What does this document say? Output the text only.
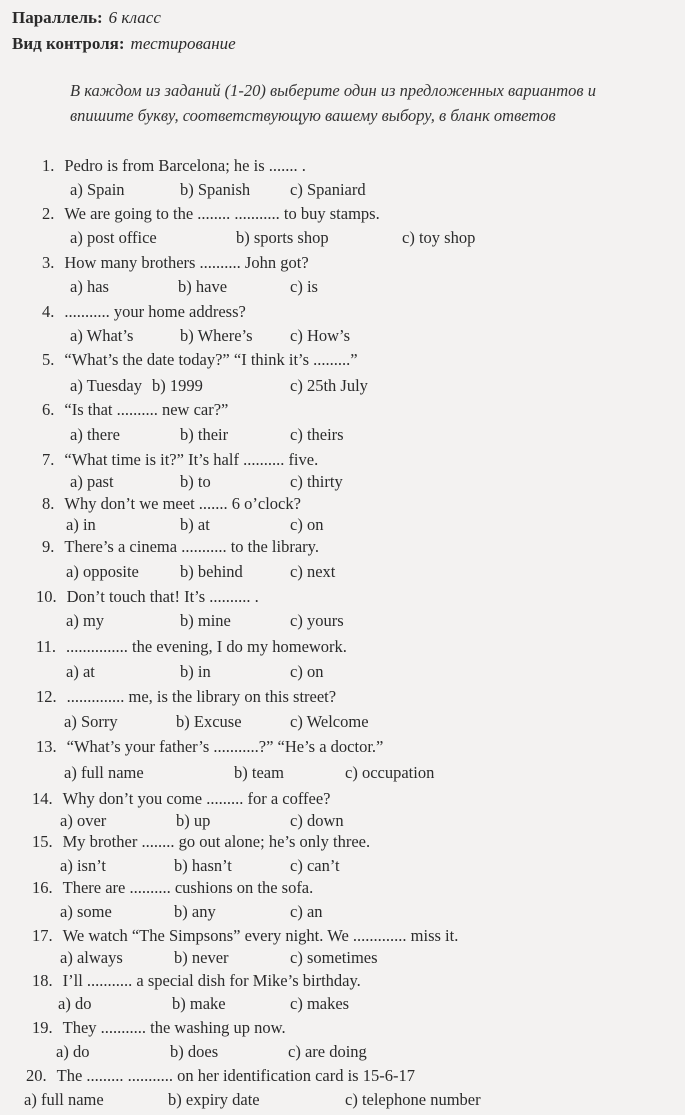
Параллель: 6 класс
Вид контроля: тестирование
В каждом из заданий (1-20) выберите один из предложенных вариантов и
впишите букву, соответствующую вашему выбору, в бланк ответов
1. Pedro is from Barcelona; he is ....... .
a) Spain	b) Spanish c) Spaniard
2. We are going to the ........ ........... to buy stamps.
a) post office	b) sports shop	c) toy shop
3. How many brothers .......... John got?
a) has	b) have	c) is
4. ........... your home address?
a) What’s	b) Where’s c) How’s
5. “What’s the date today?” “I think it’s .........”
a) Tuesday b) 1999	c) 25th July
6. “Is that .......... new car?”
a) there	b) their	c) theirs
7. “What time is it?” It’s half .......... five.
a) past	b) to	c) thirty
8. Why don’t we meet ....... 6 o’clock?
a) in	b) at	c) on
9. There’s a cinema ........... to the library.
a) opposite b) behind	c) next
10. Don’t touch that! It’s .......... .
a) my	b) mine	c) yours
11. ............... the evening, I do my homework.
a) at	b) in	c) on
12. .............. me, is the library on this street?
a) Sorry	b) Excuse	c) Welcome
13. “What’s your father’s ...........?” “He’s a doctor.”
a) full name	b) team	c) occupation
14. Why don’t you come ......... for a coffee?
a) over	b) up	c) down
15. My brother ........ go out alone; he’s only three.
a) isn’t	b) hasn’t	c) can’t
16. There are .......... cushions on the sofa.
a) some	b) any	c) an
17. We watch “The Simpsons” every night. We ............. miss it.
a) always	b) never	c) sometimes
18. I’ll ........... a special dish for Mike’s birthday.
a) do	b) make	c) makes
19. They ........... the washing up now.
a) do	b) does	c) are doing
20. The ......... ........... on her identification card is 15-6-17
a) full name	b) expiry date	c) telephone number
